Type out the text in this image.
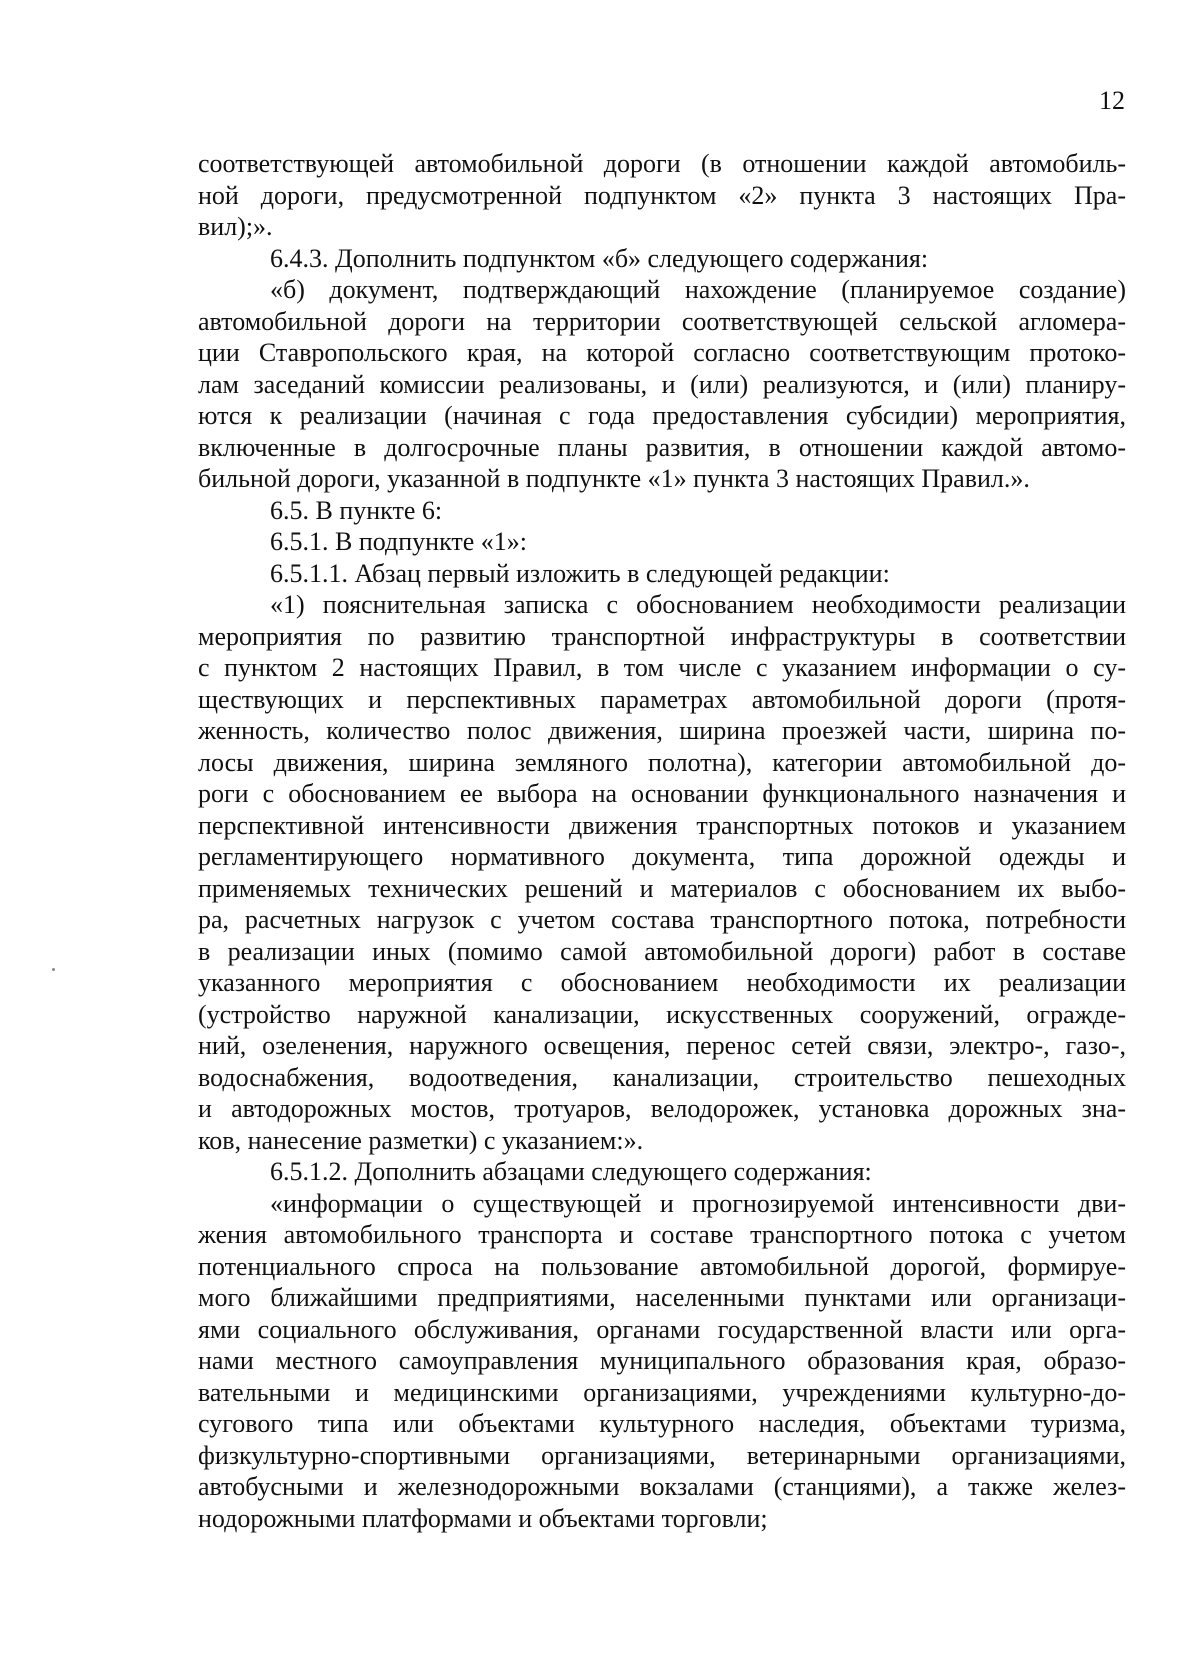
12
соответствующей автомобильной дороги (в отношении каждой автомобиль-
ной дороги, предусмотренной подпунктом «2» пункта 3 настоящих Пра-
вил);».
6.4.3. Дополнить подпунктом «б» следующего содержания:
«б) документ, подтверждающий нахождение (планируемое создание)
автомобильной дороги на территории соответствующей сельской агломера-
ции Ставропольского края, на которой согласно соответствующим протоко-
лам заседаний комиссии реализованы, и (или) реализуются, и (или) планиру-
ются к реализации (начиная с года предоставления субсидии) мероприятия,
включенные в долгосрочные планы развития, в отношении каждой автомо-
бильной дороги, указанной в подпункте «1» пункта 3 настоящих Правил.».
6.5. В пункте 6:
6.5.1. В подпункте «1»:
6.5.1.1. Абзац первый изложить в следующей редакции:
«1) пояснительная записка с обоснованием необходимости реализации
мероприятия по развитию транспортной инфраструктуры в соответствии
с пунктом 2 настоящих Правил, в том числе с указанием информации о су-
ществующих и перспективных параметрах автомобильной дороги (протя-
женность, количество полос движения, ширина проезжей части, ширина по-
лосы движения, ширина земляного полотна), категории автомобильной до-
роги с обоснованием ее выбора на основании функционального назначения и
перспективной интенсивности движения транспортных потоков и указанием
регламентирующего нормативного документа, типа дорожной одежды и
применяемых технических решений и материалов с обоснованием их выбо-
ра, расчетных нагрузок с учетом состава транспортного потока, потребности
в реализации иных (помимо самой автомобильной дороги) работ в составе
указанного мероприятия с обоснованием необходимости их реализации
(устройство наружной канализации, искусственных сооружений, огражде-
ний, озеленения, наружного освещения, перенос сетей связи, электро-, газо-,
водоснабжения, водоотведения, канализации, строительство пешеходных
и автодорожных мостов, тротуаров, велодорожек, установка дорожных зна-
ков, нанесение разметки) с указанием:».
6.5.1.2. Дополнить абзацами следующего содержания:
«информации о существующей и прогнозируемой интенсивности дви-
жения автомобильного транспорта и составе транспортного потока с учетом
потенциального спроса на пользование автомобильной дорогой, формируе-
мого ближайшими предприятиями, населенными пунктами или организаци-
ями социального обслуживания, органами государственной власти или орга-
нами местного самоуправления муниципального образования края, образо-
вательными и медицинскими организациями, учреждениями культурно-до-
сугового типа или объектами культурного наследия, объектами туризма,
физкультурно-спортивными организациями, ветеринарными организациями,
автобусными и железнодорожными вокзалами (станциями), а также желез-
нодорожными платформами и объектами торговли;
